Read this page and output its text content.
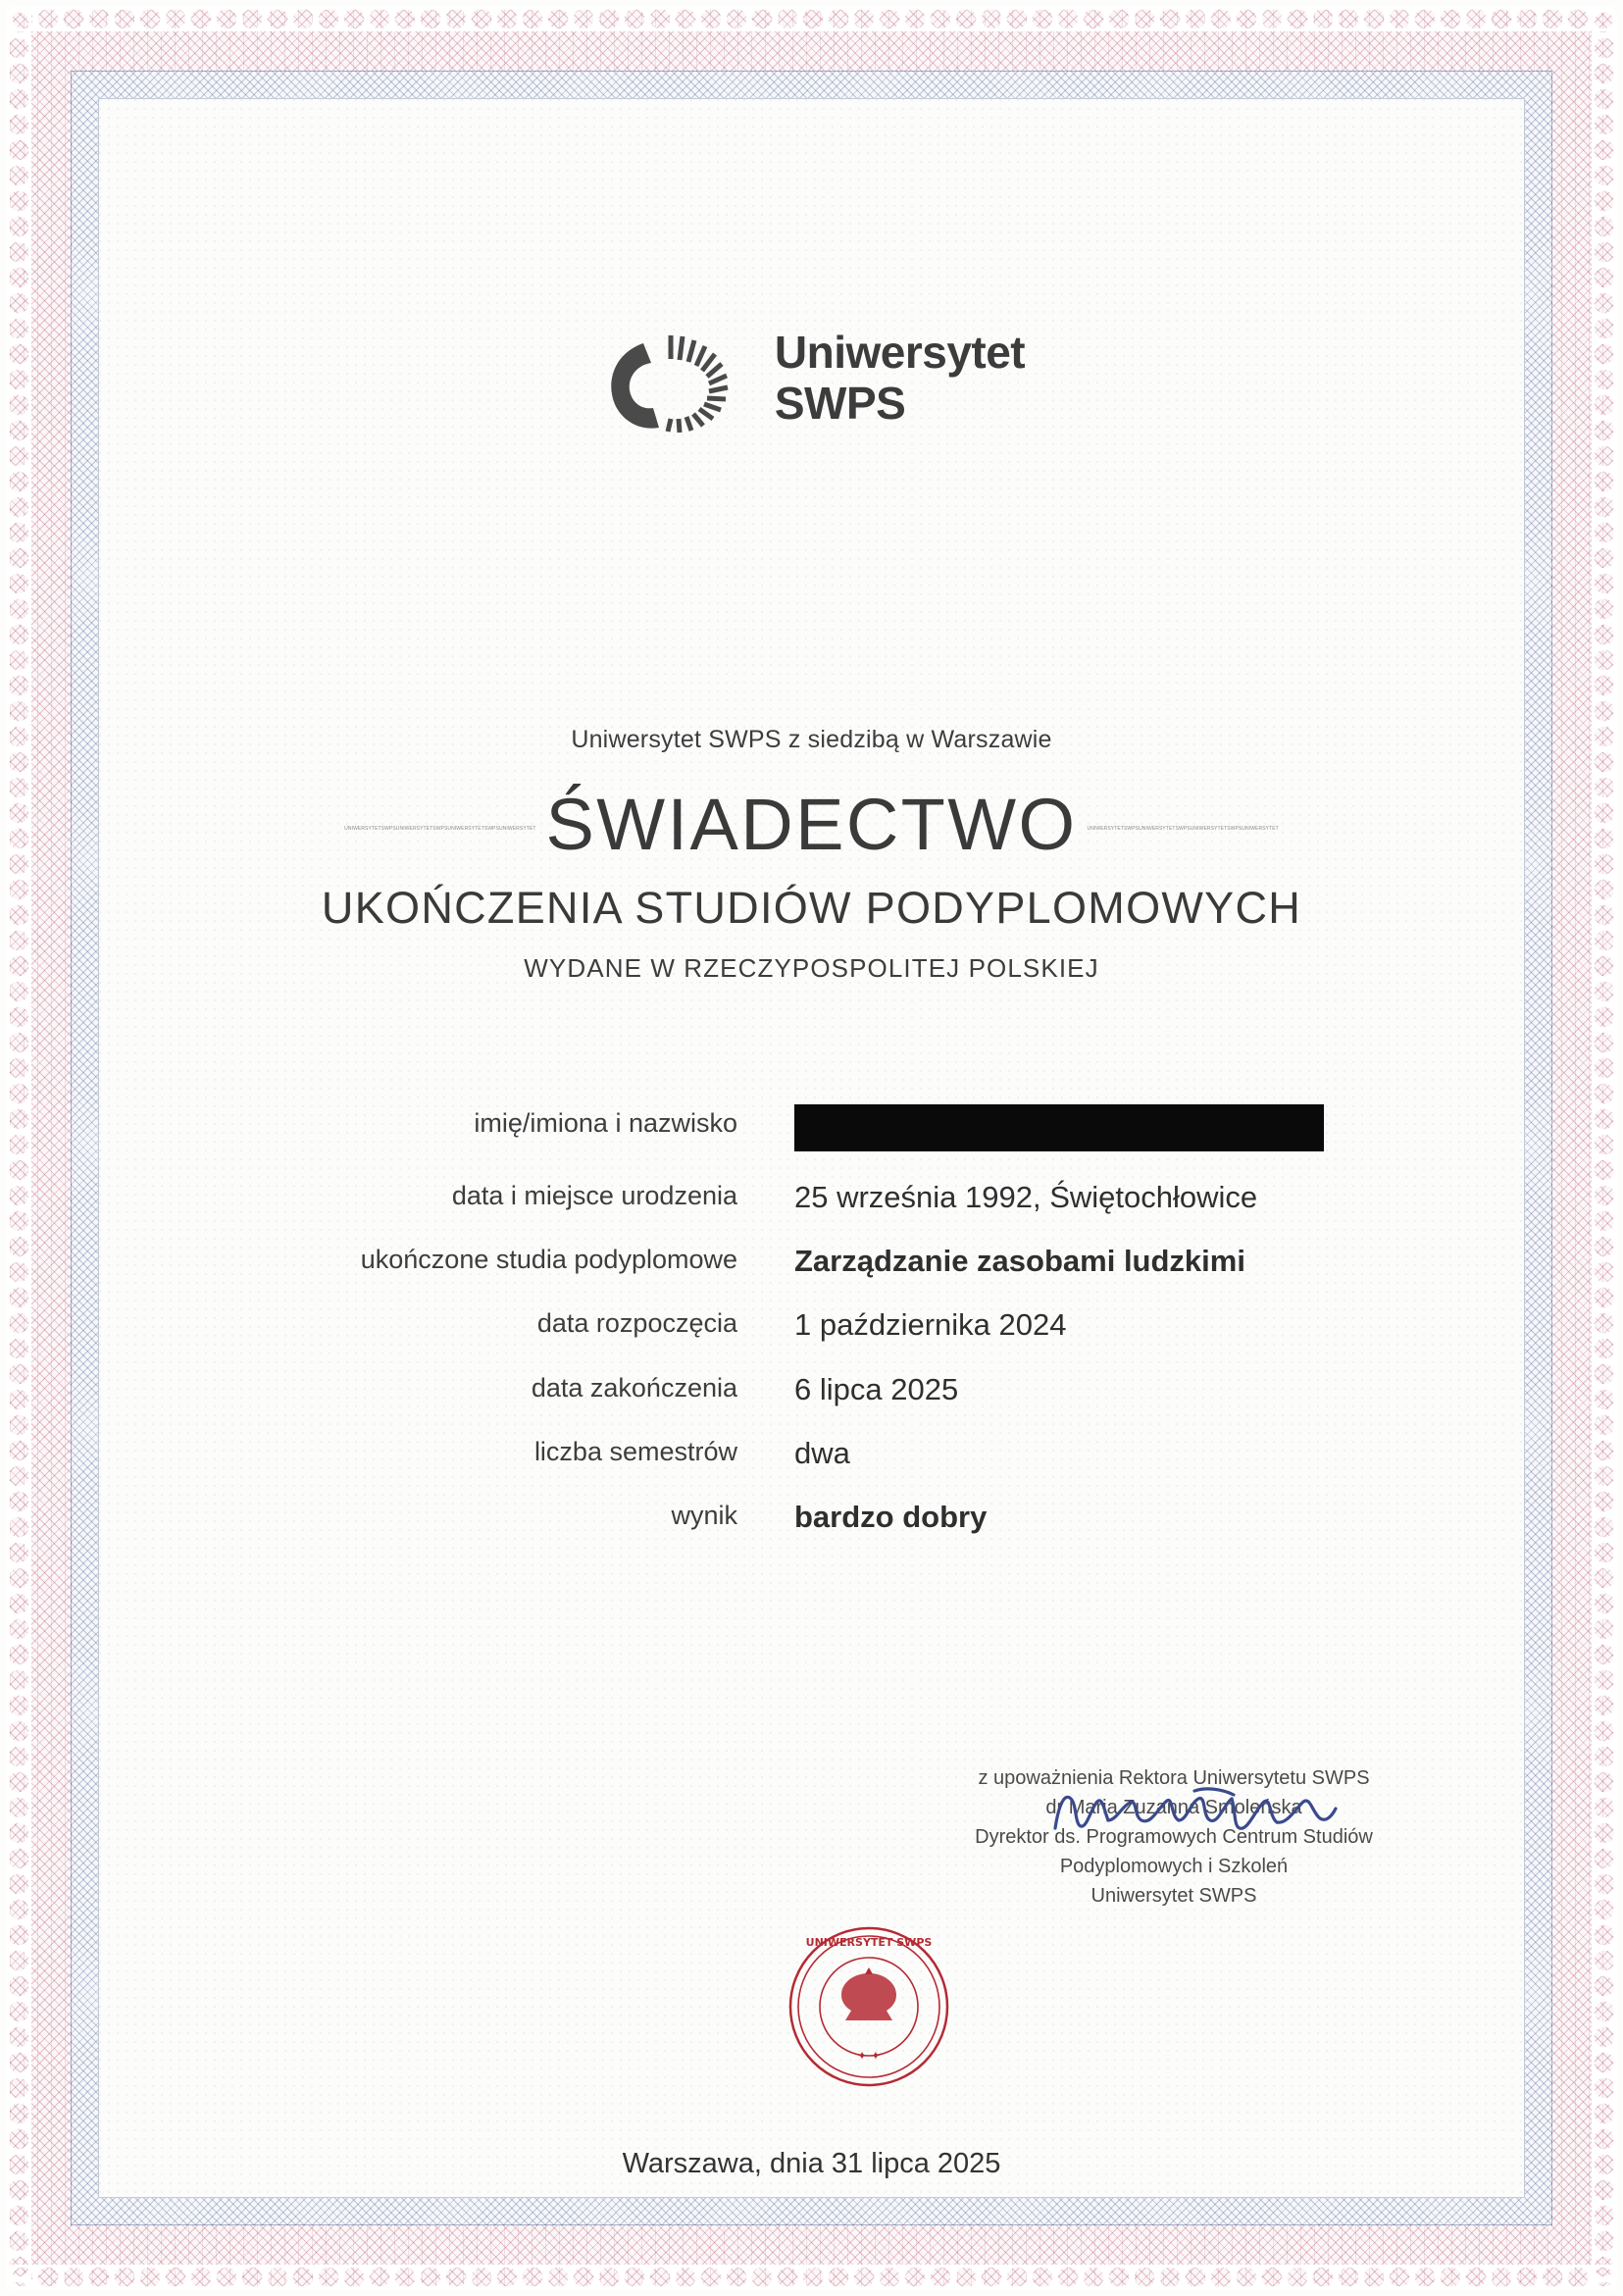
Uniwersytet
SWPS
Uniwersytet SWPS z siedzibą w Warszawie
UNIWERSYTETSWPSUNIWERSYTETSWPSUNIWERSYTETSWPSUNIWERSYTET ŚWIADECTWO UNIWERSYTETSWPSUNIWERSYTETSWPSUNIWERSYTETSWPSUNIWERSYTET
UKOŃCZENIA STUDIÓW PODYPLOMOWYCH
WYDANE W RZECZYPOSPOLITEJ POLSKIEJ
imię/imiona i nazwisko
data i miejsce urodzenia	25 września 1992, Świętochłowice
ukończone studia podyplomowe	Zarządzanie zasobami ludzkimi
data rozpoczęcia	1 października 2024
data zakończenia	6 lipca 2025
liczba semestrów	dwa
wynik	bardzo dobry
z upoważnienia Rektora Uniwersytetu SWPS
dr Maria Zuzanna Smoleńska
Dyrektor ds. Programowych Centrum Studiów
Podyplomowych i Szkoleń
Uniwersytet SWPS
✦ ✦
UNIWERSYTET SWPS
Warszawa, dnia 31 lipca 2025
